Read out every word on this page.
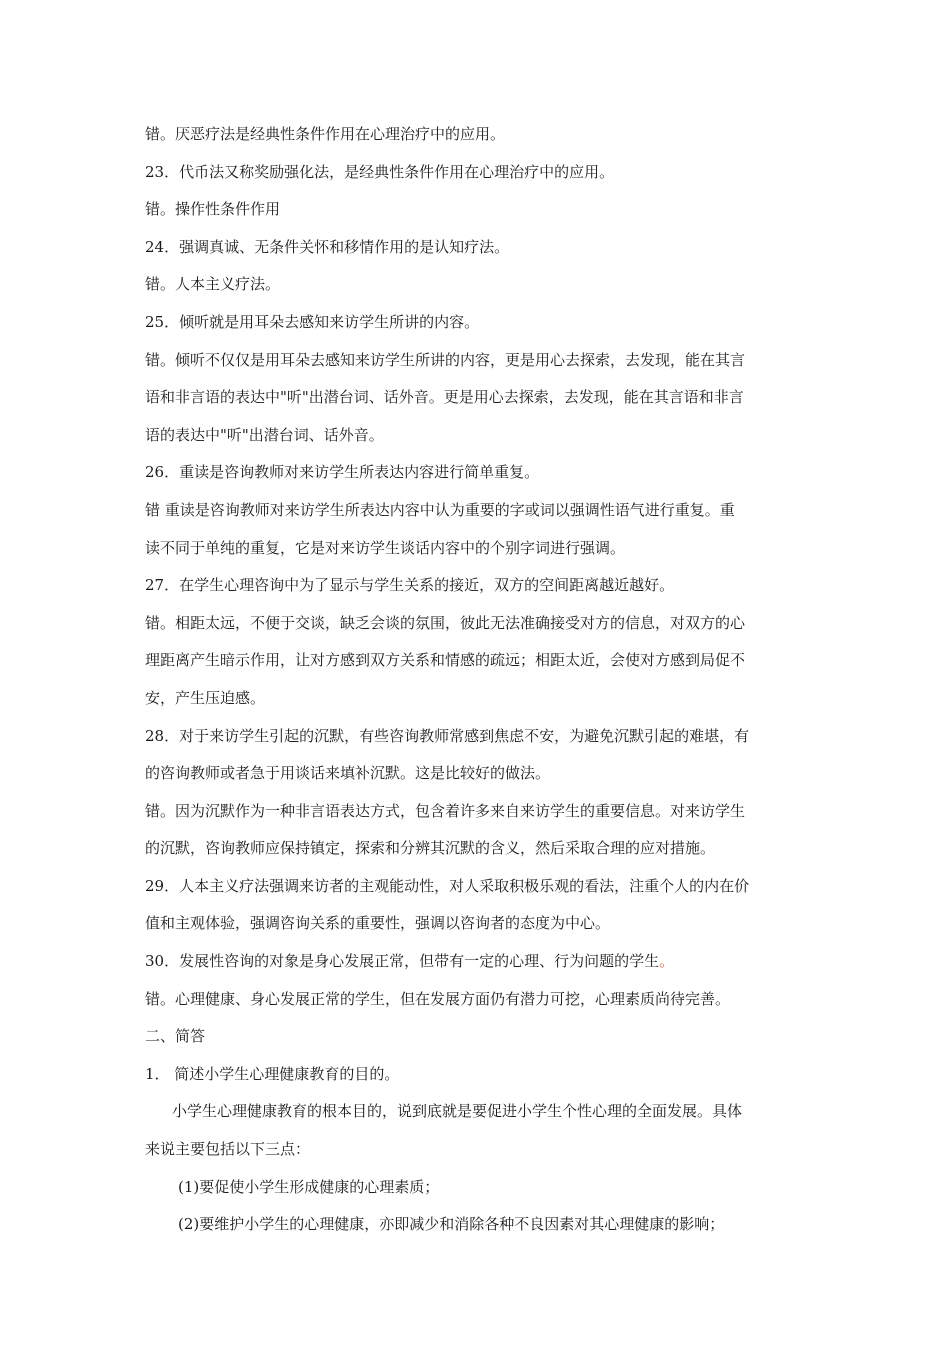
错。厌恶疗法是经典性条件作用在心理治疗中的应用。
23．代币法又称奖励强化法，是经典性条件作用在心理治疗中的应用。
错。操作性条件作用
24．强调真诚、无条件关怀和移情作用的是认知疗法。
错。人本主义疗法。
25．倾听就是用耳朵去感知来访学生所讲的内容。
错。倾听不仅仅是用耳朵去感知来访学生所讲的内容，更是用心去探索，去发现，能在其言
语和非言语的表达中"听"出潜台词、话外音。更是用心去探索，去发现，能在其言语和非言
语的表达中"听"出潜台词、话外音。
26．重读是咨询教师对来访学生所表达内容进行简单重复。
错 重读是咨询教师对来访学生所表达内容中认为重要的字或词以强调性语气进行重复。重
读不同于单纯的重复，它是对来访学生谈话内容中的个别字词进行强调。
27．在学生心理咨询中为了显示与学生关系的接近，双方的空间距离越近越好。
错。相距太远，不便于交谈，缺乏会谈的氛围，彼此无法准确接受对方的信息，对双方的心
理距离产生暗示作用，让对方感到双方关系和情感的疏远；相距太近，会使对方感到局促不
安，产生压迫感。
28．对于来访学生引起的沉默，有些咨询教师常感到焦虑不安，为避免沉默引起的难堪，有
的咨询教师或者急于用谈话来填补沉默。这是比较好的做法。
错。因为沉默作为一种非言语表达方式，包含着许多来自来访学生的重要信息。对来访学生
的沉默，咨询教师应保持镇定，探索和分辨其沉默的含义，然后采取合理的应对措施。
29．人本主义疗法强调来访者的主观能动性，对人采取积极乐观的看法，注重个人的内在价
值和主观体验，强调咨询关系的重要性，强调以咨询者的态度为中心。
30．发展性咨询的对象是身心发展正常，但带有一定的心理、行为问题的学生。
错。心理健康、身心发展正常的学生，但在发展方面仍有潜力可挖，心理素质尚待完善。
二、简答
1． 简述小学生心理健康教育的目的。
小学生心理健康教育的根本目的，说到底就是要促进小学生个性心理的全面发展。具体
来说主要包括以下三点：
(1)要促使小学生形成健康的心理素质；
(2)要维护小学生的心理健康，亦即减少和消除各种不良因素对其心理健康的影响；
